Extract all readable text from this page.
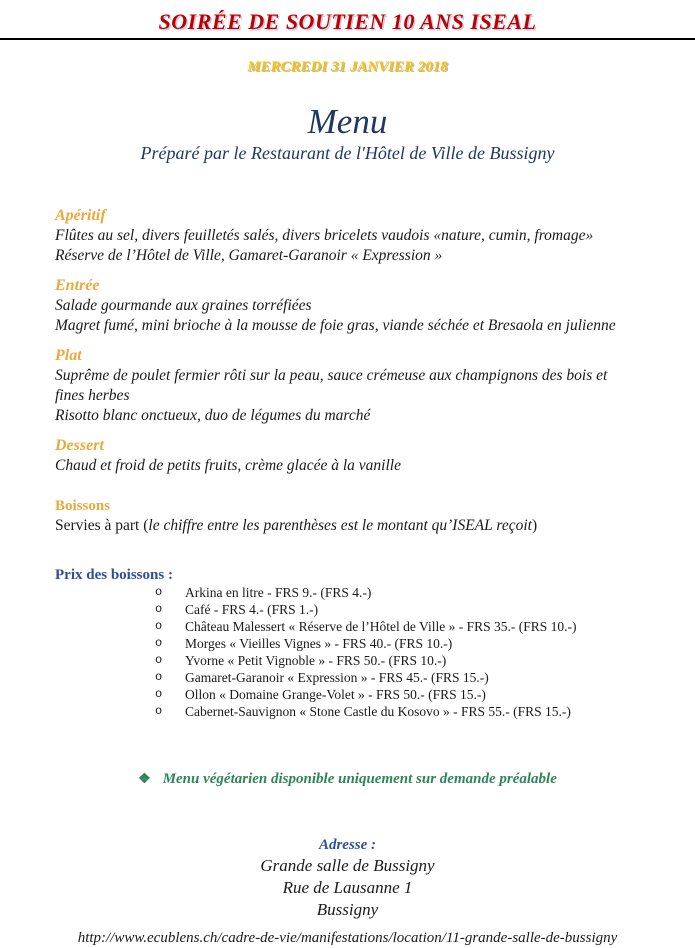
SOIRÉE DE SOUTIEN 10 ANS ISEAL
MERCREDI 31 JANVIER 2018
Menu
Préparé par le Restaurant de l'Hôtel de Ville de Bussigny
Apéritif
Flûtes au sel, divers feuilletés salés, divers bricelets vaudois «nature, cumin, fromage»
Réserve de l’Hôtel de Ville, Gamaret-Garanoir « Expression »
Entrée
Salade gourmande aux graines torréfiées
Magret fumé, mini brioche à la mousse de foie gras, viande séchée et Bresaola en julienne
Plat
Suprême de poulet fermier rôti sur la peau, sauce crémeuse aux champignons des bois et fines herbes
Risotto blanc onctueux, duo de légumes du marché
Dessert
Chaud et froid de petits fruits, crème glacée à la vanille
Boissons
Servies à part (le chiffre entre les parenthèses est le montant qu’ISEAL reçoit)
Prix des boissons :
o	Arkina en litre - FRS 9.- (FRS 4.-)
o	Café - FRS 4.- (FRS 1.-)
o	Château Malessert « Réserve de l’Hôtel de Ville » - FRS 35.- (FRS 10.-)
o	Morges « Vieilles Vignes » - FRS 40.- (FRS 10.-)
o	Yvorne « Petit Vignoble » - FRS 50.- (FRS 10.-)
o	Gamaret-Garanoir « Expression » - FRS 45.- (FRS 15.-)
o	Ollon « Domaine Grange-Volet » - FRS 50.- (FRS 15.-)
o	Cabernet-Sauvignon « Stone Castle du Kosovo » - FRS 55.- (FRS 15.-)
❖ Menu végétarien disponible uniquement sur demande préalable
Adresse :
Grande salle de Bussigny
Rue de Lausanne 1
Bussigny
http://www.ecublens.ch/cadre-de-vie/manifestations/location/11-grande-salle-de-bussigny
